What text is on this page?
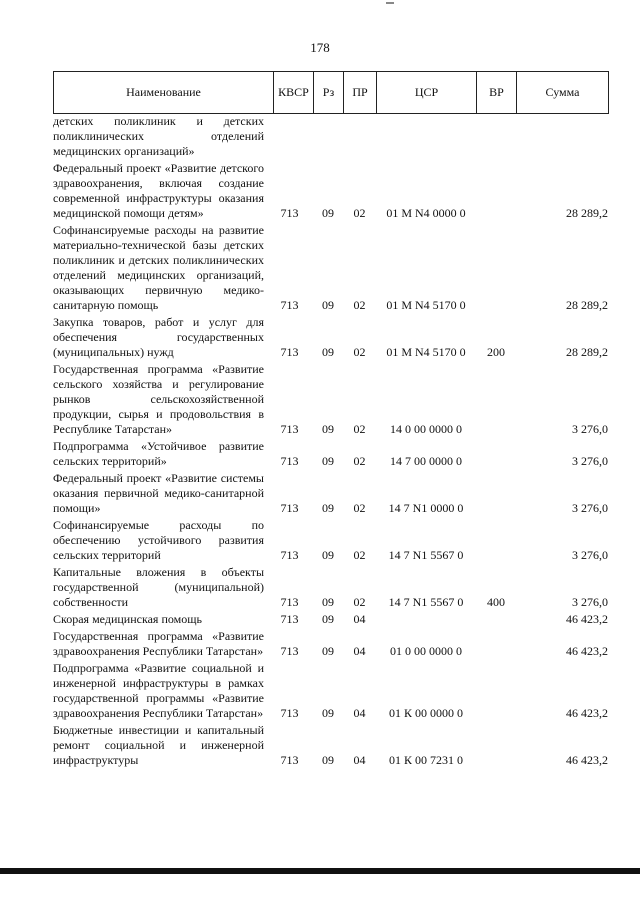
178
Наименование	КВСР	Рз	ПР	ЦСР	ВР	Сумма
детских поликлиник и детских поликлинических отделений медицинских организаций»						
Федеральный проект «Развитие детского здравоохранения, включая создание современной инфраструктуры оказания медицинской помощи детям»	713	09	02	01 M N4 0000 0		28 289,2
Софинансируемые расходы на развитие материально-технической базы детских поликлиник и детских поликлинических отделений медицинских организаций, оказывающих первичную медико-санитарную помощь	713	09	02	01 M N4 5170 0		28 289,2
Закупка товаров, работ и услуг для обеспечения государственных (муниципальных) нужд	713	09	02	01 M N4 5170 0	200	28 289,2
Государственная программа «Развитие сельского хозяйства и регулирование рынков сельскохозяйственной продукции, сырья и продовольствия в Республике Татарстан»	713	09	02	14 0 00 0000 0		3 276,0
Подпрограмма «Устойчивое развитие сельских территорий»	713	09	02	14 7 00 0000 0		3 276,0
Федеральный проект «Развитие системы оказания первичной медико-санитарной помощи»	713	09	02	14 7 N1 0000 0		3 276,0
Софинансируемые расходы по обеспечению устойчивого развития сельских территорий	713	09	02	14 7 N1 5567 0		3 276,0
Капитальные вложения в объекты государственной (муниципальной) собственности	713	09	02	14 7 N1 5567 0	400	3 276,0
Скорая медицинская помощь	713	09	04			46 423,2
Государственная программа «Развитие здравоохранения Республики Татарстан»	713	09	04	01 0 00 0000 0		46 423,2
Подпрограмма «Развитие социальной и инженерной инфраструктуры в рамках государственной программы «Развитие здравоохранения Республики Татарстан»	713	09	04	01 К 00 0000 0		46 423,2
Бюджетные инвестиции и капитальный ремонт социальной и инженерной инфраструктуры	713	09	04	01 К 00 7231 0		46 423,2
